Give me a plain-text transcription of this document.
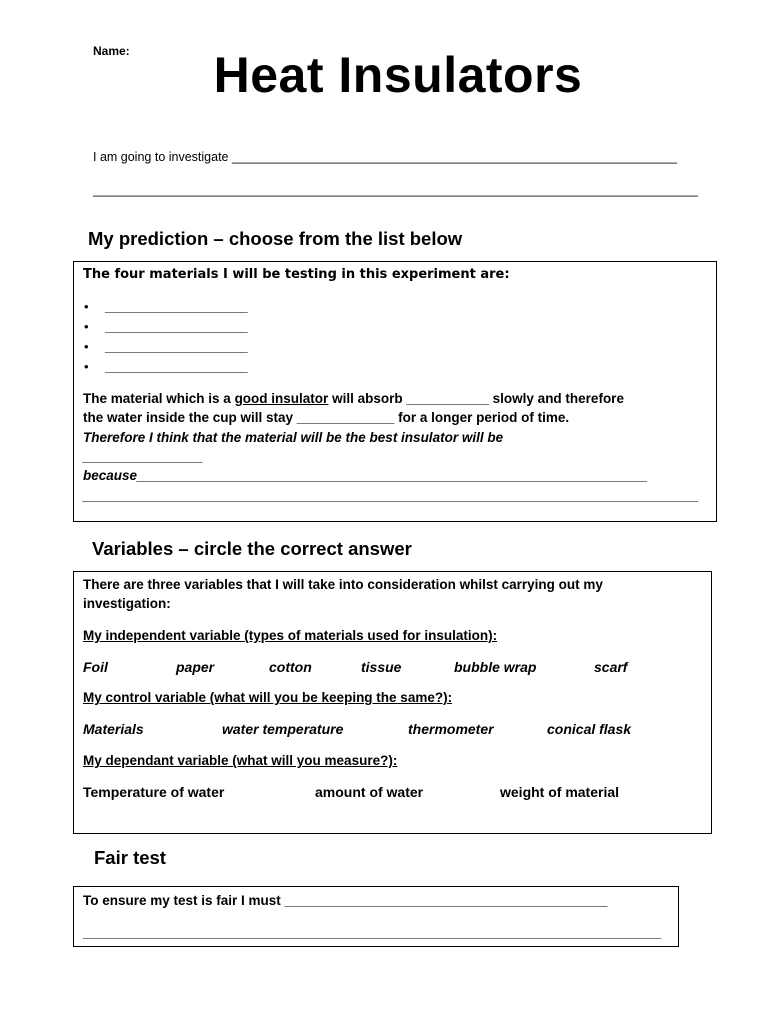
Name:	Heat Insulators
I am going to investigate ________________________________________________________________
_______________________________________________________________________________________
My prediction – choose from the list below
The four materials I will be testing in this experiment are:
• ___________________
• ___________________
• ___________________
• ___________________
The material which is a good insulator will absorb ___________ slowly and therefore
the water inside the cup will stay _____________ for a longer period of time.
Therefore I think that the material will be the best insulator will be
________________
because____________________________________________________________________
__________________________________________________________________________________
Variables – circle the correct answer
There are three variables that I will take into consideration whilst carrying out my
investigation:
My independent variable (types of materials used for insulation):
Foil	paper	cotton	tissue	bubble wrap	scarf
My control variable (what will you be keeping the same?):
Materials	water temperature	thermometer	conical flask
My dependant variable (what will you measure?):
Temperature of water	amount of water	weight of material
Fair test
To ensure my test is fair I must ___________________________________________
_____________________________________________________________________________
